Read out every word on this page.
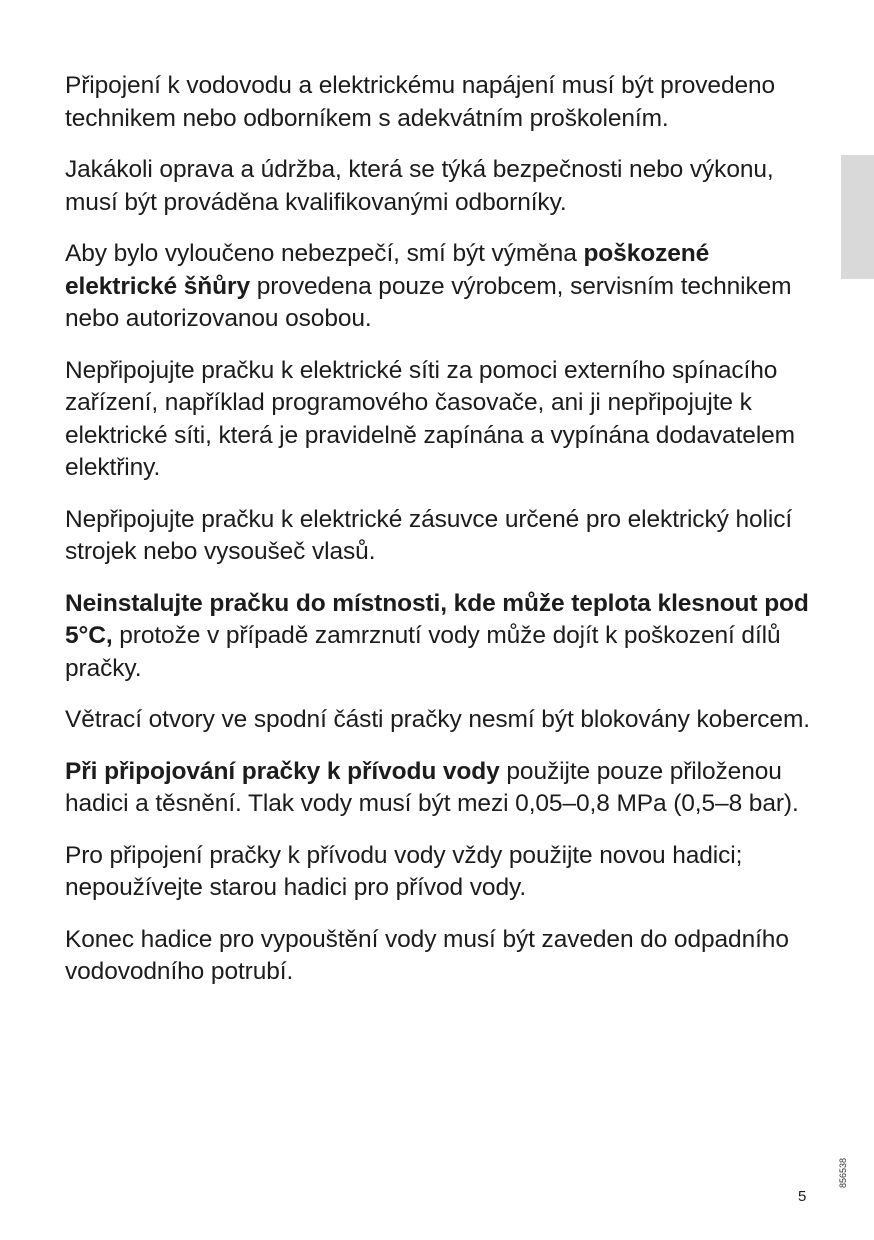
Připojení k vodovodu a elektrickému napájení musí být provedeno technikem nebo odborníkem s adekvátním proškolením.

Jakákoli oprava a údržba, která se týká bezpečnosti nebo výkonu, musí být prováděna kvalifikovanými odborníky.

Aby bylo vyloučeno nebezpečí, smí být výměna poškozené elektrické šňůry provedena pouze výrobcem, servisním technikem nebo autorizovanou osobou.

Nepřipojujte pračku k elektrické síti za pomoci externího spínacího zařízení, například programového časovače, ani ji nepřipojujte k elektrické síti, která je pravidelně zapínána a vypínána dodavatelem elektřiny.

Nepřipojujte pračku k elektrické zásuvce určené pro elektrický holicí strojek nebo vysoušeč vlasů.

Neinstalujte pračku do místnosti, kde může teplota klesnout pod 5°C, protože v případě zamrznutí vody může dojít k poškození dílů pračky.

Větrací otvory ve spodní části pračky nesmí být blokovány kobercem.

Při připojování pračky k přívodu vody použijte pouze přiloženou hadici a těsnění. Tlak vody musí být mezi 0,05–0,8 MPa (0,5–8 bar).

Pro připojení pračky k přívodu vody vždy použijte novou hadici; nepoužívejte starou hadici pro přívod vody.

Konec hadice pro vypouštění vody musí být zaveden do odpadního vodovodního potrubí.

5
856538
